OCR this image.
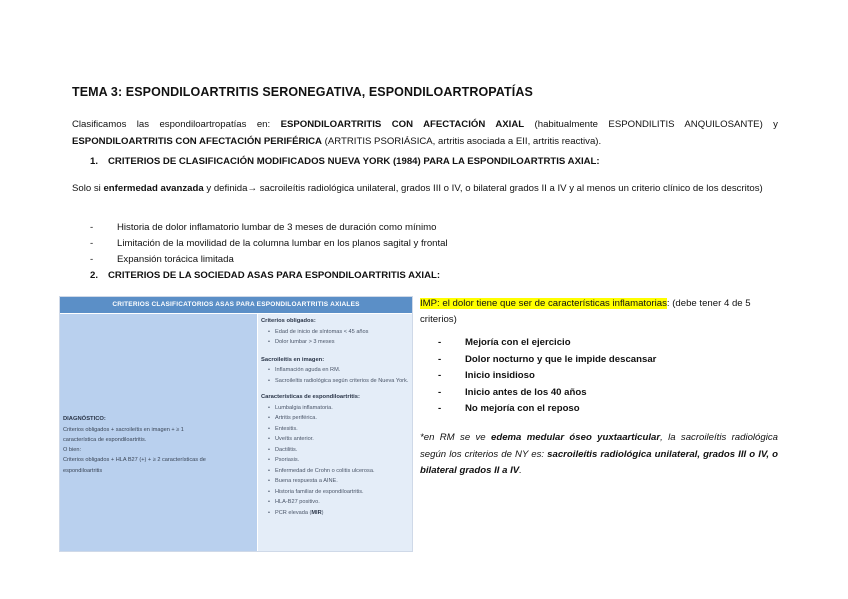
TEMA 3: ESPONDILOARTRITIS SERONEGATIVA, ESPONDILOARTROPATÍAS
Clasificamos las espondiloartropatías en: ESPONDILOARTRITIS CON AFECTACIÓN AXIAL (habitualmente ESPONDILITIS ANQUILOSANTE) y ESPONDILOARTRITIS CON AFECTACIÓN PERIFÉRICA (ARTRITIS PSORIÁSICA, artritis asociada a EII, artritis reactiva).
1. CRITERIOS DE CLASIFICACIÓN MODIFICADOS NUEVA YORK (1984) PARA LA ESPONDILOARTRTIS AXIAL:
Solo si enfermedad avanzada y definida→ sacroileítis radiológica unilateral, grados III o IV, o bilateral grados II a IV y al menos un criterio clínico de los descritos)
- Historia de dolor inflamatorio lumbar de 3 meses de duración como mínimo
- Limitación de la movilidad de la columna lumbar en los planos sagital y frontal
- Expansión torácica limitada
2. CRITERIOS DE LA SOCIEDAD ASAS PARA ESPONDILOARTRITIS AXIAL:
CRITERIOS CLASIFICATORIOS ASAS PARA ESPONDILOARTRITIS AXIALES
DIAGNÓSTICO:
Criterios obligados + sacroileítis en imagen + ≥ 1
característica de espondiloartritis.
O bien:
Criterios obligados + HLA B27 (+) + ≥ 2 características de
espondiloartritis
Criterios obligados:
• Edad de inicio de síntomas < 45 años
• Dolor lumbar > 3 meses
Sacroileítis en imagen:
• Inflamación aguda en RM.
• Sacroileítis radiológica según criterios de Nueva York.
Características de espondiloartritis:
• Lumbalgia inflamatoria.
• Artritis periférica.
• Entesitis.
• Uveítis anterior.
• Dactilitis.
• Psoriasis.
• Enfermedad de Crohn o colitis ulcerosa.
• Buena respuesta a AINE.
• Historia familiar de espondiloartritis.
• HLA-B27 positivo.
• PCR elevada (MIR)
IMP: el dolor tiene que ser de características inflamatorias: (debe tener 4 de 5 criterios)
- Mejoría con el ejercicio
- Dolor nocturno y que le impide descansar
- Inicio insidioso
- Inicio antes de los 40 años
- No mejoría con el reposo
*en RM se ve edema medular óseo yuxtaarticular, la sacroileítis radiológica según los criterios de NY es: sacroileítis radiológica unilateral, grados III o IV, o bilateral grados II a IV.
